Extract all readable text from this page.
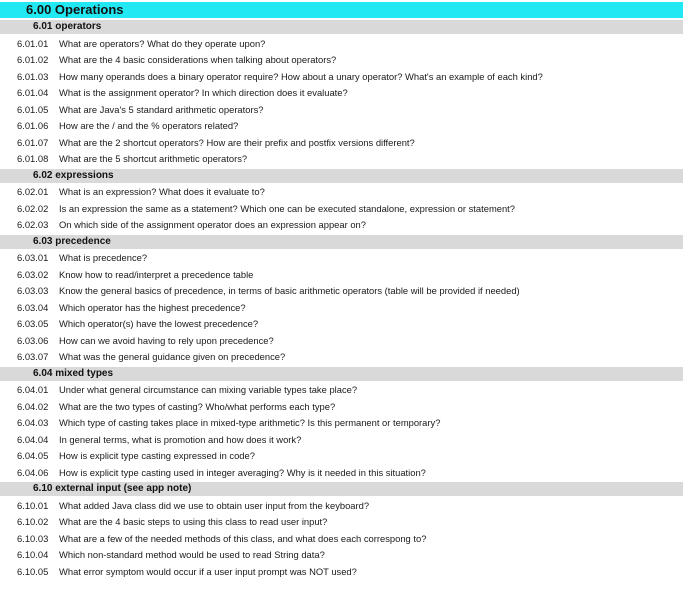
6.00 Operations
6.01 operators
6.01.01 What are operators? What do they operate upon?
6.01.02 What are the 4 basic considerations when talking about operators?
6.01.03 How many operands does a binary operator require? How about a unary operator? What's an example of each kind?
6.01.04 What is the assignment operator? In which direction does it evaluate?
6.01.05 What are Java's 5 standard arithmetic operators?
6.01.06 How are the / and the % operators related?
6.01.07 What are the 2 shortcut operators? How are their prefix and postfix versions different?
6.01.08 What are the 5 shortcut arithmetic operators?
6.02 expressions
6.02.01 What is an expression? What does it evaluate to?
6.02.02 Is an expression the same as a statement? Which one can be executed standalone, expression or statement?
6.02.03 On which side of the assignment operator does an expression appear on?
6.03 precedence
6.03.01 What is precedence?
6.03.02 Know how to read/interpret a precedence table
6.03.03 Know the general basics of precedence, in terms of basic arithmetic operators (table will be provided if needed)
6.03.04 Which operator has the highest precedence?
6.03.05 Which operator(s) have the lowest precedence?
6.03.06 How can we avoid having to rely upon precedence?
6.03.07 What was the general guidance given on precedence?
6.04 mixed types
6.04.01 Under what general circumstance can mixing variable types take place?
6.04.02 What are the two types of casting? Who/what performs each type?
6.04.03 Which type of casting takes place in mixed-type arithmetic? Is this permanent or temporary?
6.04.04 In general terms, what is promotion and how does it work?
6.04.05 How is explicit type casting expressed in code?
6.04.06 How is explicit type casting used in integer averaging? Why is it needed in this situation?
6.10 external input (see app note)
6.10.01 What added Java class did we use to obtain user input from the keyboard?
6.10.02 What are the 4 basic steps to using this class to read user input?
6.10.03 What are a few of the needed methods of this class, and what does each correspong to?
6.10.04 Which non-standard method would be used to read String data?
6.10.05 What error symptom would occur if a user input prompt was NOT used?
